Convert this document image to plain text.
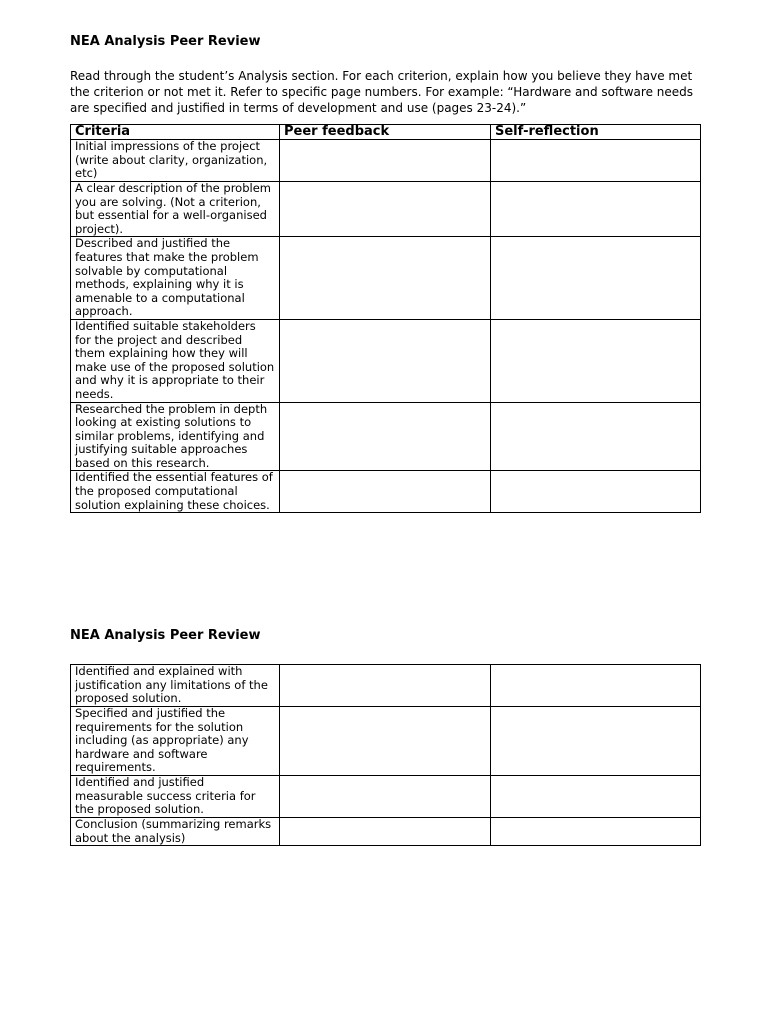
NEA Analysis Peer Review
Read through the student’s Analysis section. For each criterion, explain how you believe they have met the criterion or not met it. Refer to specific page numbers. For example: “Hardware and software needs are specified and justified in terms of development and use (pages 23-24).”
Criteria	Peer feedback	Self-reflection
Initial impressions of the project (write about clarity, organization, etc)		
A clear description of the problem you are solving. (Not a criterion, but essential for a well-organised project).		
Described and justified the features that make the problem solvable by computational methods, explaining why it is amenable to a computational approach.		
Identified suitable stakeholders for the project and described them explaining how they will make use of the proposed solution and why it is appropriate to their needs.		
Researched the problem in depth looking at existing solutions to similar problems, identifying and justifying suitable approaches based on this research.		
Identified the essential features of the proposed computational solution explaining these choices.		
NEA Analysis Peer Review
Identified and explained with justification any limitations of the proposed solution.		
Specified and justified the requirements for the solution including (as appropriate) any hardware and software requirements.		
Identified and justified measurable success criteria for the proposed solution.		
Conclusion (summarizing remarks about the analysis)		
